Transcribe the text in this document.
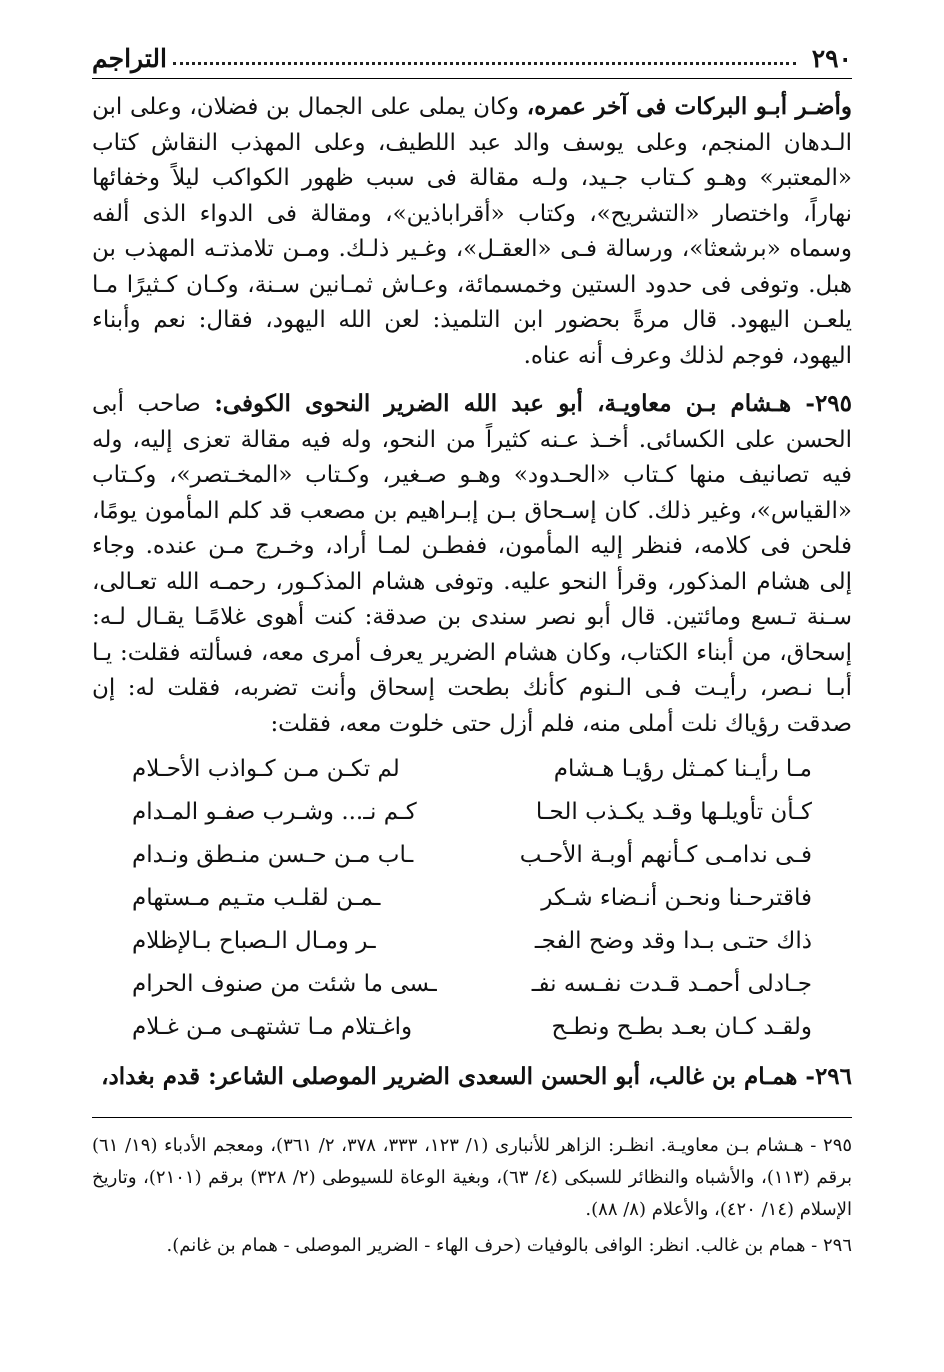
٢٩٠
التراجم

وأضـر أبـو البركات فى آخر عمره، وكان يملى على الجمال بن فضلان، وعلى ابن الـدهان المنجم، وعلى يوسف والد عبد اللطيف، وعلى المهذب النقاش كتاب «المعتبر» وهـو كـتاب جـيد، ولـه مقالة فى سبب ظهور الكواكب ليلاً وخفائها نهاراً، واختصار «التشريح»، وكتاب «أقراباذين»، ومقالة فى الدواء الذى ألفه وسماه «برشعثا»، ورسالة فـى «العقـل»، وغـير ذلـك. ومـن تلامذتـه المهذب بن هبل. وتوفى فى حدود الستين وخمسمائة، وعـاش ثمـانين سـنة، وكـان كـثيرًا مـا يلعـن اليهود. قال مرةً بحضور ابن التلميذ: لعن الله اليهود، فقال: نعم وأبناء اليهود، فوجم لذلك وعرف أنه عناه.

٢٩٥- هـشام بـن معاويـة، أبو عبد الله الضرير النحوى الكوفى: صاحب أبى الحسن على الكسائى. أخـذ عـنه كثيراً من النحو، وله فيه مقالة تعزى إليه، وله فيه تصانيف منها كـتاب «الحـدود» وهـو صـغير، وكـتاب «المخـتصر»، وكـتاب «القياس»، وغير ذلك. كان إسـحاق بـن إبـراهيم بن مصعب قد كلم المأمون يومًا، فلحن فى كلامه، فنظر إليه المأمون، ففطـن لمـا أراد، وخـرج مـن عنده. وجاء إلى هشام المذكور، وقرأ النحو عليه. وتوفى هشام المذكـور، رحمـه الله تعـالى، سـنة تـسع ومائتين. قال أبو نصر سندى بن صدقة: كنت أهوى غلامًـا يقـال لـه: إسحاق، من أبناء الكتاب، وكان هشام الضرير يعرف أمرى معه، فسألته فقلت: يـا أبـا نـصر، رأيـت فـى الـنوم كأنك بطحت إسحاق وأنت تضربه، فقلت له: إن صدقت رؤياك نلت أملى منه، فلم أزل حتى خلوت معه، فقلت:

مـا رأيـنا كمـثل رؤيـا هـشام
لم تكـن مـن كـواذب الأحـلام
كـأن تأويلـها وقـد يكـذب الحـا
كـم نـ... وشـرب صفـو المـدام
فـى ندامـى كـأنهم أوبـة الأحـب
ـاب مـن حـسن منـطق ونـدام
فاقترحـنا ونحـن أنـضاء شـكر
ـمـن لقلـب متـيم مـستهام
ذاك حتـى بـدا وقد وضح الفجـ
ـر ومـال الـصباح بـالإظلام
جـادلى أحمـد قـدت نفـسه نفـ
ـسى ما شئت من صنوف الحرام
ولقـد كـان بعـد بطـح ونطـح
واغـتلام مـا تشتهـى مـن غـلام

٢٩٦- همـام بن غالب، أبو الحسن السعدى الضرير الموصلى الشاعر: قدم بغداد،

٢٩٥ - هـشام بـن معاويـة. انظـر: الزاهر للأنبارى (١/ ١٢٣، ٣٣٣، ٣٧٨، ٢/ ٣٦١)، ومعجم الأدباء (١٩/ ٦١) برقم (١١٣)، والأشباه والنظائر للسبكى (٤/ ٦٣)، وبغية الوعاة للسيوطى (٢/ ٣٢٨) برقم (٢١٠١)، وتاريخ الإسلام (١٤/ ٤٢٠)، والأعلام (٨/ ٨٨).

٢٩٦ - همام بن غالب. انظر: الوافى بالوفيات (حرف الهاء - الضرير الموصلى - همام بن غانم).
